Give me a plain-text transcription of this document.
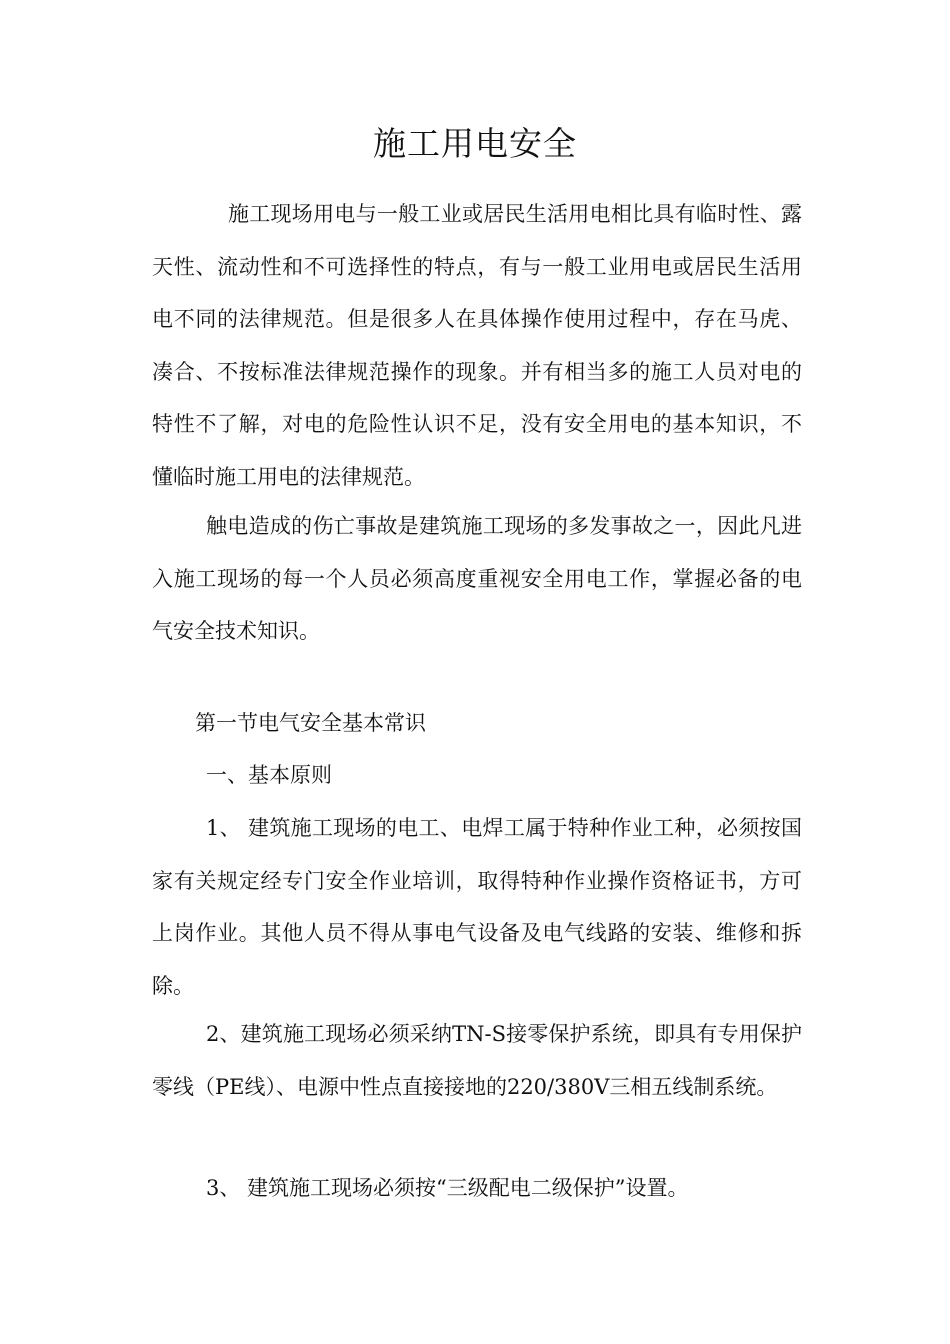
施工用电安全

施工现场用电与一般工业或居民生活用电相比具有临时性、露天性、流动性和不可选择性的特点，有与一般工业用电或居民生活用电不同的法律规范。但是很多人在具体操作使用过程中，存在马虎、凑合、不按标准法律规范操作的现象。并有相当多的施工人员对电的特性不了解，对电的危险性认识不足，没有安全用电的基本知识，不懂临时施工用电的法律规范。

触电造成的伤亡事故是建筑施工现场的多发事故之一，因此凡进入施工现场的每一个人员必须高度重视安全用电工作，掌握必备的电气安全技术知识。

第一节电气安全基本常识

一、基本原则

1、 建筑施工现场的电工、电焊工属于特种作业工种，必须按国家有关规定经专门安全作业培训，取得特种作业操作资格证书，方可上岗作业。其他人员不得从事电气设备及电气线路的安装、维修和拆除。

2、建筑施工现场必须采纳TN-S接零保护系统，即具有专用保护零线（PE线）、电源中性点直接接地的220/380V三相五线制系统。

3、 建筑施工现场必须按“三级配电二级保护”设置。
